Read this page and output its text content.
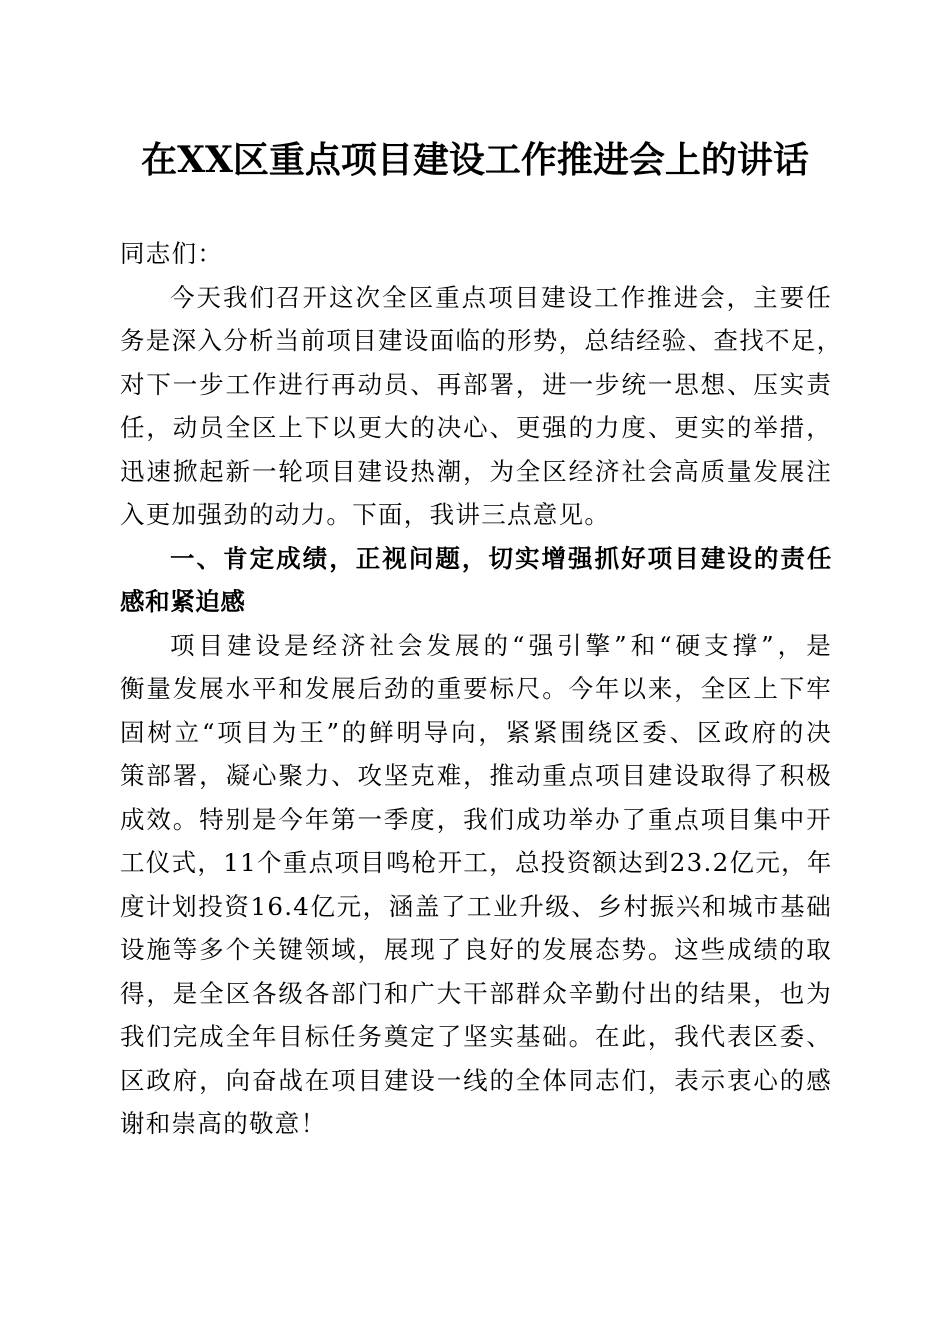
在XX区重点项目建设工作推进会上的讲话
同志们：
今天我们召开这次全区重点项目建设工作推进会，主要任
务是深入分析当前项目建设面临的形势，总结经验、查找不足，
对下一步工作进行再动员、再部署，进一步统一思想、压实责
任，动员全区上下以更大的决心、更强的力度、更实的举措，
迅速掀起新一轮项目建设热潮，为全区经济社会高质量发展注
入更加强劲的动力。下面，我讲三点意见。
一、肯定成绩，正视问题，切实增强抓好项目建设的责任
感和紧迫感
项目建设是经济社会发展的“强引擎”和“硬支撑”，是
衡量发展水平和发展后劲的重要标尺。今年以来，全区上下牢
固树立“项目为王”的鲜明导向，紧紧围绕区委、区政府的决
策部署，凝心聚力、攻坚克难，推动重点项目建设取得了积极
成效。特别是今年第一季度，我们成功举办了重点项目集中开
工仪式，11个重点项目鸣枪开工，总投资额达到23.2亿元，年
度计划投资16.4亿元，涵盖了工业升级、乡村振兴和城市基础
设施等多个关键领域，展现了良好的发展态势。这些成绩的取
得，是全区各级各部门和广大干部群众辛勤付出的结果，也为
我们完成全年目标任务奠定了坚实基础。在此，我代表区委、
区政府，向奋战在项目建设一线的全体同志们，表示衷心的感
谢和崇高的敬意！
